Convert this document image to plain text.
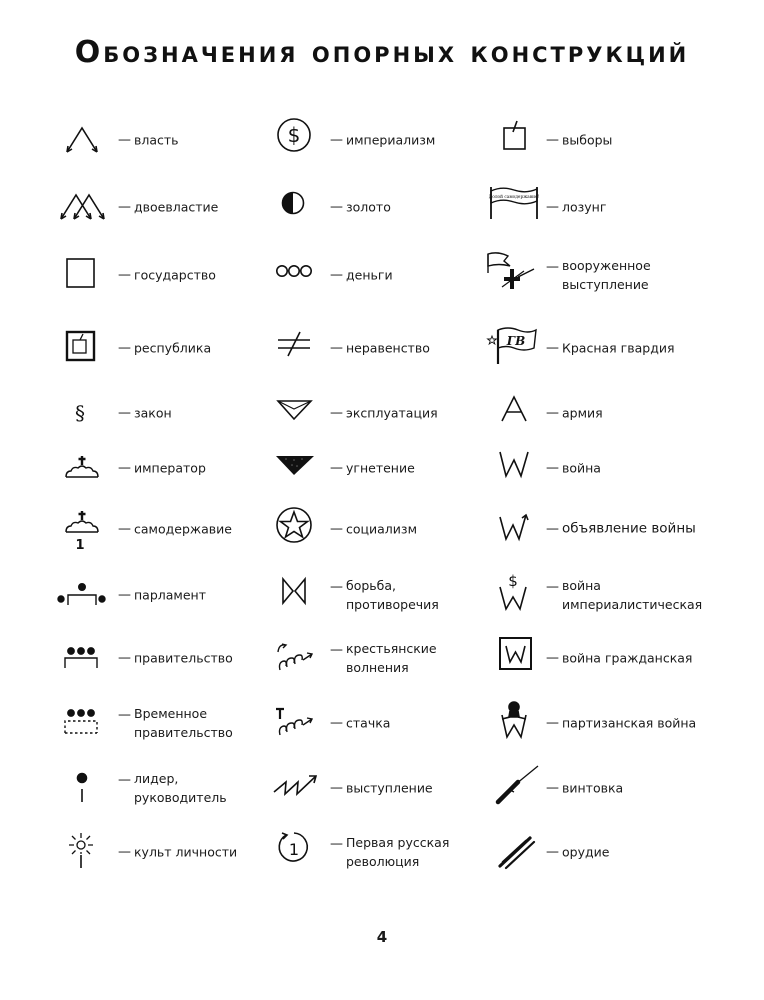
Обозначения опорных конструкций
— власть
— двоевластие
— государство
— республика
§	— закон
— император
1
— самодержавие
— парламент
— правительство
— Временное
правительство
— лидер,
руководитель
— культ личности
$ — империализм
— золото
— деньги
— неравенство
— эксплуатация
— угнетение
— социализм
— борьба,
противоречия
— крестьянские
волнения
— стачка
— выступление
1 — Первая русская
революция
— выборы
Долой самодержавие!
— лозунг
— вооруженное
выступление
ГВ — Красная гвардия
— армия
— война
— объявление войны
$ — война
империалистическая
— война гражданская
— партизанская война
— винтовка
— орудие
4
